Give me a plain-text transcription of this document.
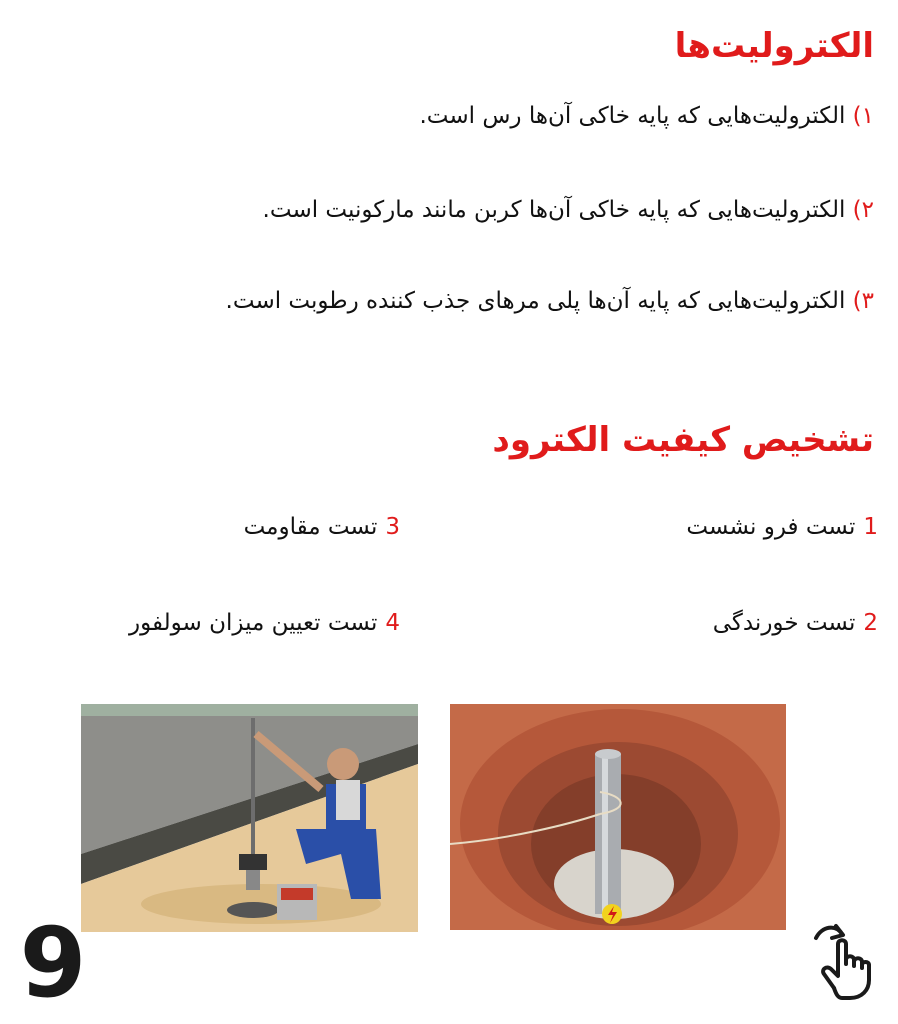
الکترولیت‌ها

۱) الکترولیت‌هایی که پایه خاکی آن‌ها رس است.

۲) الکترولیت‌هایی که پایه خاکی آن‌ها کربن مانند مارکونیت است.

۳) الکترولیت‌هایی که پایه آن‌ها پلی مرهای جذب کننده رطوبت است.

تشخیص کیفیت الکترود

1تست فرو نشست

2تست خورندگی

3تست مقاومت

4تست تعیین میزان سولفور

9
